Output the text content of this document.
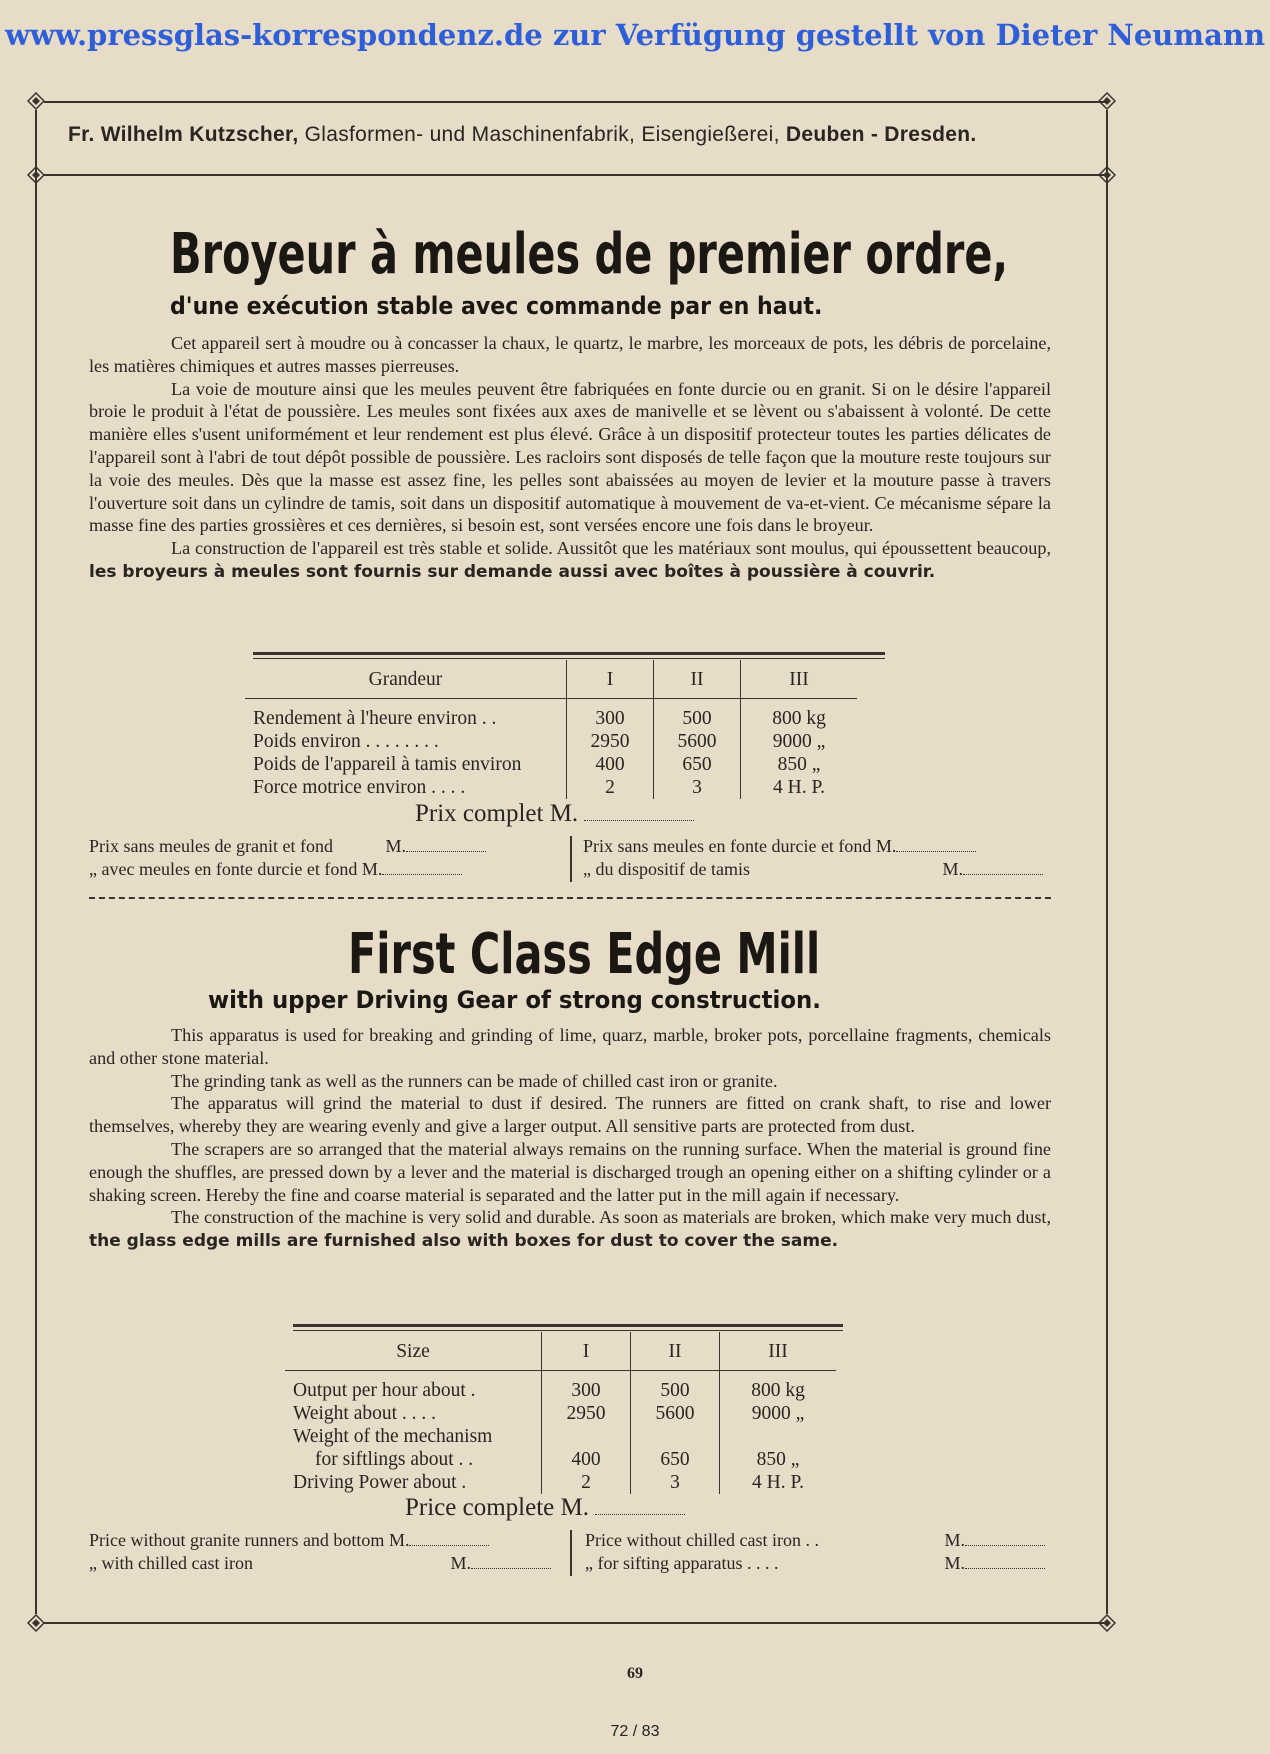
www.pressglas-korrespondenz.de zur Verfügung gestellt von Dieter Neumann
Fr. Wilhelm Kutzscher, Glasformen- und Maschinenfabrik, Eisengießerei, Deuben - Dresden.
Broyeur à meules de premier ordre,
d'une exécution stable avec commande par en haut.

Cet appareil sert à moudre ou à concasser la chaux, le quartz, le marbre, les morceaux de pots, les débris de porcelaine, les matières chimiques et autres masses pierreuses.

La voie de mouture ainsi que les meules peuvent être fabriquées en fonte durcie ou en granit. Si on le désire l'appareil broie le produit à l'état de poussière. Les meules sont fixées aux axes de manivelle et se lèvent ou s'abaissent à volonté. De cette manière elles s'usent uniformément et leur rendement est plus élevé. Grâce à un dispositif protecteur toutes les parties délicates de l'appareil sont à l'abri de tout dépôt possible de poussière. Les racloirs sont disposés de telle façon que la mouture reste toujours sur la voie des meules. Dès que la masse est assez fine, les pelles sont abaissées au moyen de levier et la mouture passe à travers l'ouverture soit dans un cylindre de tamis, soit dans un dispositif automatique à mouvement de va-et-vient. Ce mécanisme sépare la masse fine des parties grossières et ces dernières, si besoin est, sont versées encore une fois dans le broyeur.

La construction de l'appareil est très stable et solide. Aussitôt que les matériaux sont moulus, qui époussettent beaucoup, les broyeurs à meules sont fournis sur demande aussi avec boîtes à poussière à couvrir.

Grandeur	I	II	III

Rendement à l'heure environ . .	300	500	800 kg
Poids environ . . . . . . . .	2950	5600	9000 „
Poids de l'appareil à tamis environ	400	650	850 „
Force motrice environ . . . .	2	3	4 H. P.
Prix complet M.
Prix sans meules de granit et fond	M.
„ avec meules en fonte durcie et fond M.
Prix sans meules en fonte durcie et fond M.
„ du dispositif de tamis	M.
First Class Edge Mill
with upper Driving Gear of strong construction.

This apparatus is used for breaking and grinding of lime, quarz, marble, broker pots, porcellaine fragments, chemicals and other stone material.

The grinding tank as well as the runners can be made of chilled cast iron or granite.

The apparatus will grind the material to dust if desired. The runners are fitted on crank shaft, to rise and lower themselves, whereby they are wearing evenly and give a larger output. All sensitive parts are protected from dust.

The scrapers are so arranged that the material always remains on the running surface. When the material is ground fine enough the shuffles, are pressed down by a lever and the material is discharged trough an opening either on a shifting cylinder or a shaking screen. Hereby the fine and coarse material is separated and the latter put in the mill again if necessary.

The construction of the machine is very solid and durable. As soon as materials are broken, which make very much dust, the glass edge mills are furnished also with boxes for dust to cover the same.

Size	I	II	III

Output per hour about .	300	500	800 kg
Weight about . . . .	2950	5600	9000 „
Weight of the mechanism			
for siftlings about . .	400	650	850 „
Driving Power about .	2	3	4 H. P.
Price complete M.
Price without granite runners and bottom M.
„ with chilled cast iron	M.
Price without chilled cast iron . .	M.
„ for sifting apparatus . . . .	M.
69
72 / 83
